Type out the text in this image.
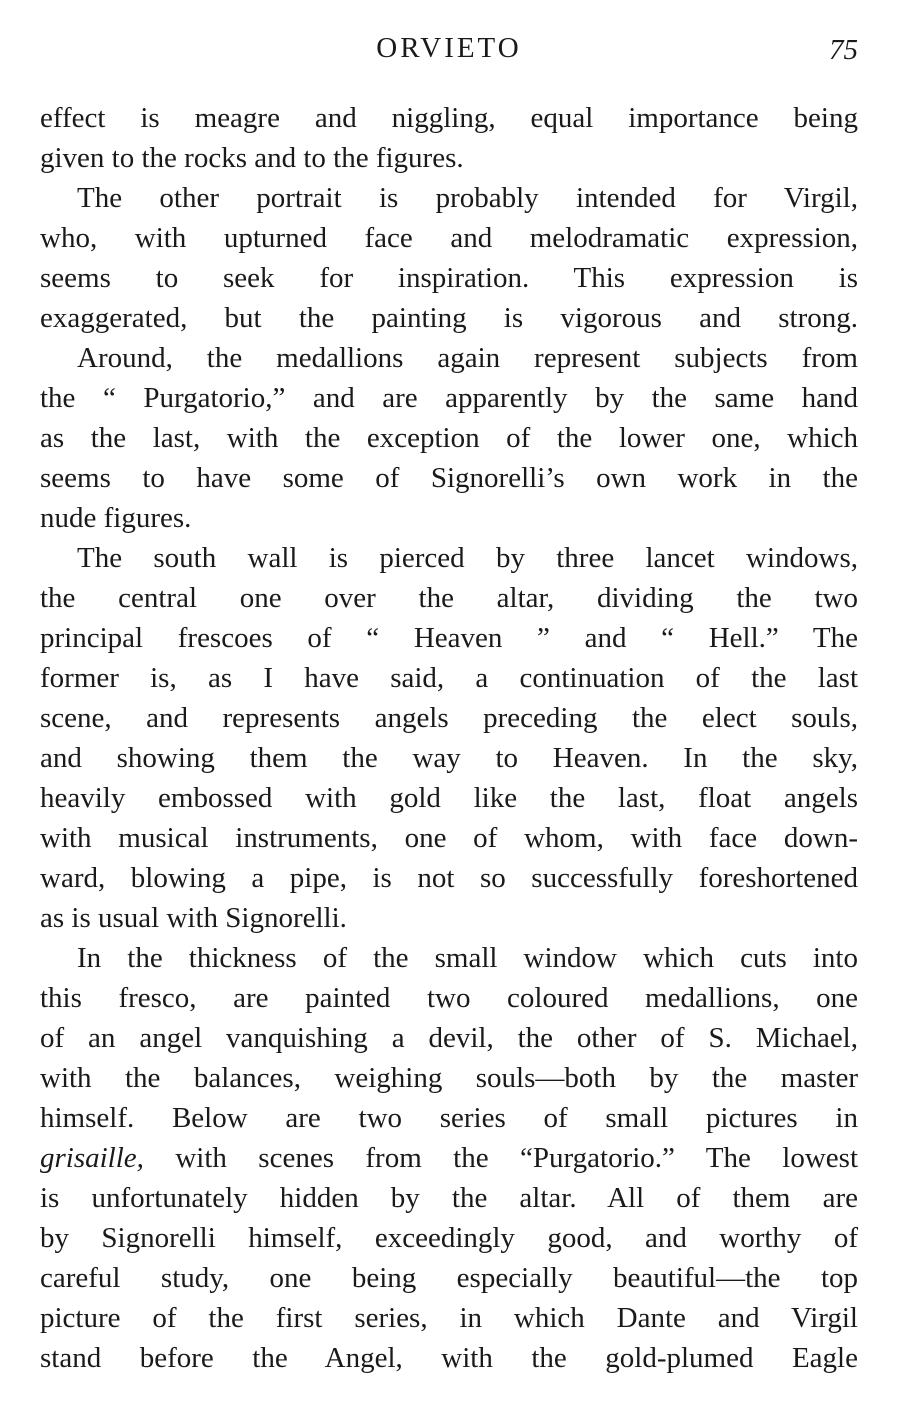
ORVIETO	75
effect is meagre and niggling, equal importance being
given to the rocks and to the figures.
The other portrait is probably intended for Virgil,
who, with upturned face and melodramatic expression,
seems to seek for inspiration. This expression is
exaggerated, but the painting is vigorous and strong.
Around, the medallions again represent subjects from
the “ Purgatorio,” and are apparently by the same hand
as the last, with the exception of the lower one, which
seems to have some of Signorelli’s own work in the
nude figures.
The south wall is pierced by three lancet windows,
the central one over the altar, dividing the two
principal frescoes of “ Heaven ” and “ Hell.” The
former is, as I have said, a continuation of the last
scene, and represents angels preceding the elect souls,
and showing them the way to Heaven. In the sky,
heavily embossed with gold like the last, float angels
with musical instruments, one of whom, with face down-
ward, blowing a pipe, is not so successfully foreshortened
as is usual with Signorelli.
In the thickness of the small window which cuts into
this fresco, are painted two coloured medallions, one
of an angel vanquishing a devil, the other of S. Michael,
with the balances, weighing souls—both by the master
himself. Below are two series of small pictures in
grisaille, with scenes from the “Purgatorio.” The lowest
is unfortunately hidden by the altar. All of them are
by Signorelli himself, exceedingly good, and worthy of
careful study, one being especially beautiful—the top
picture of the first series, in which Dante and Virgil
stand before the Angel, with the gold-plumed Eagle
